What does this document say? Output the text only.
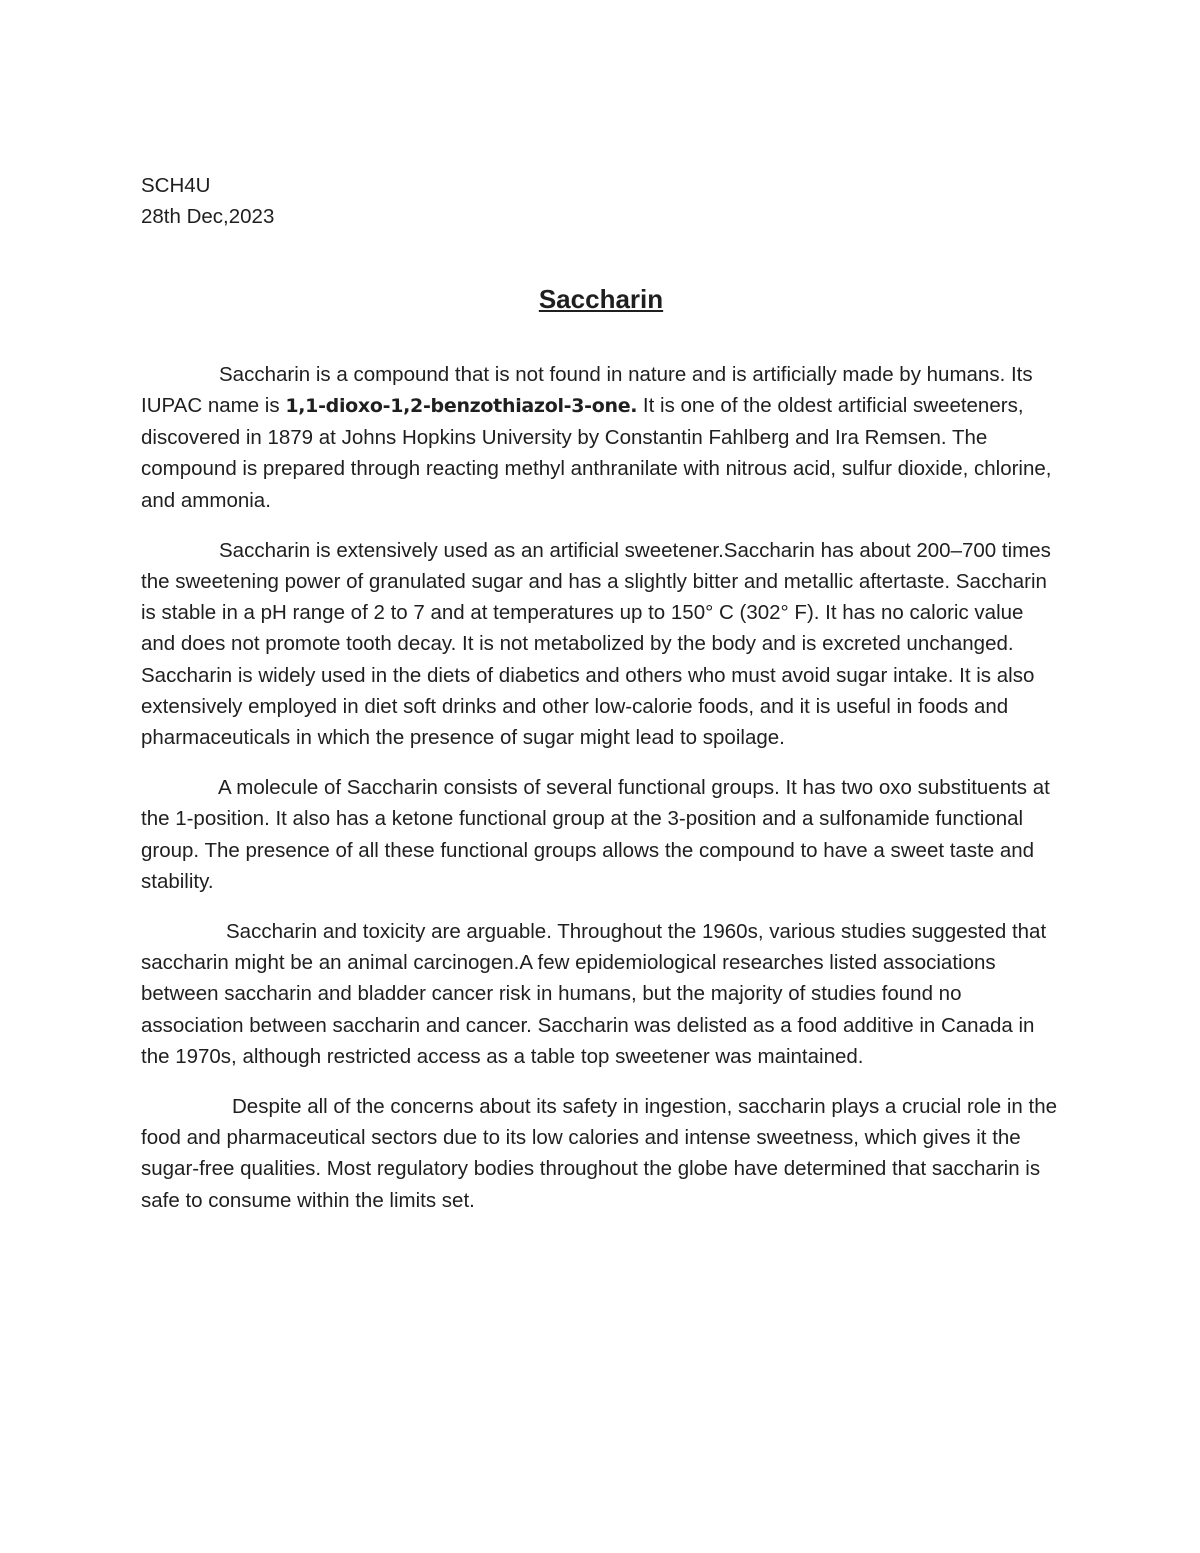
SCH4U

28th Dec,2023

Saccharin

Saccharin is a compound that is not found in nature and is artificially made by humans. Its IUPAC name is 1,1-dioxo-1,2-benzothiazol-3-one. It is one of the oldest artificial sweeteners, discovered in 1879 at Johns Hopkins University by Constantin Fahlberg and Ira Remsen. The compound is prepared through reacting methyl anthranilate with nitrous acid, sulfur dioxide, chlorine, and ammonia.

Saccharin is extensively used as an artificial sweetener.Saccharin has about 200–700 times the sweetening power of granulated sugar and has a slightly bitter and metallic aftertaste. Saccharin is stable in a pH range of 2 to 7 and at temperatures up to 150° C (302° F). It has no caloric value and does not promote tooth decay. It is not metabolized by the body and is excreted unchanged. Saccharin is widely used in the diets of diabetics and others who must avoid sugar intake. It is also extensively employed in diet soft drinks and other low-calorie foods, and it is useful in foods and pharmaceuticals in which the presence of sugar might lead to spoilage.

A molecule of Saccharin consists of several functional groups. It has two oxo substituents at the 1-position. It also has a ketone functional group at the 3-position and a sulfonamide functional group. The presence of all these functional groups allows the compound to have a sweet taste and stability.

Saccharin and toxicity are arguable. Throughout the 1960s, various studies suggested that saccharin might be an animal carcinogen.A few epidemiological researches listed associations between saccharin and bladder cancer risk in humans, but the majority of studies found no association between saccharin and cancer. Saccharin was delisted as a food additive in Canada in the 1970s, although restricted access as a table top sweetener was maintained.

Despite all of the concerns about its safety in ingestion, saccharin plays a crucial role in the food and pharmaceutical sectors due to its low calories and intense sweetness, which gives it the sugar-free qualities. Most regulatory bodies throughout the globe have determined that saccharin is safe to consume within the limits set.
